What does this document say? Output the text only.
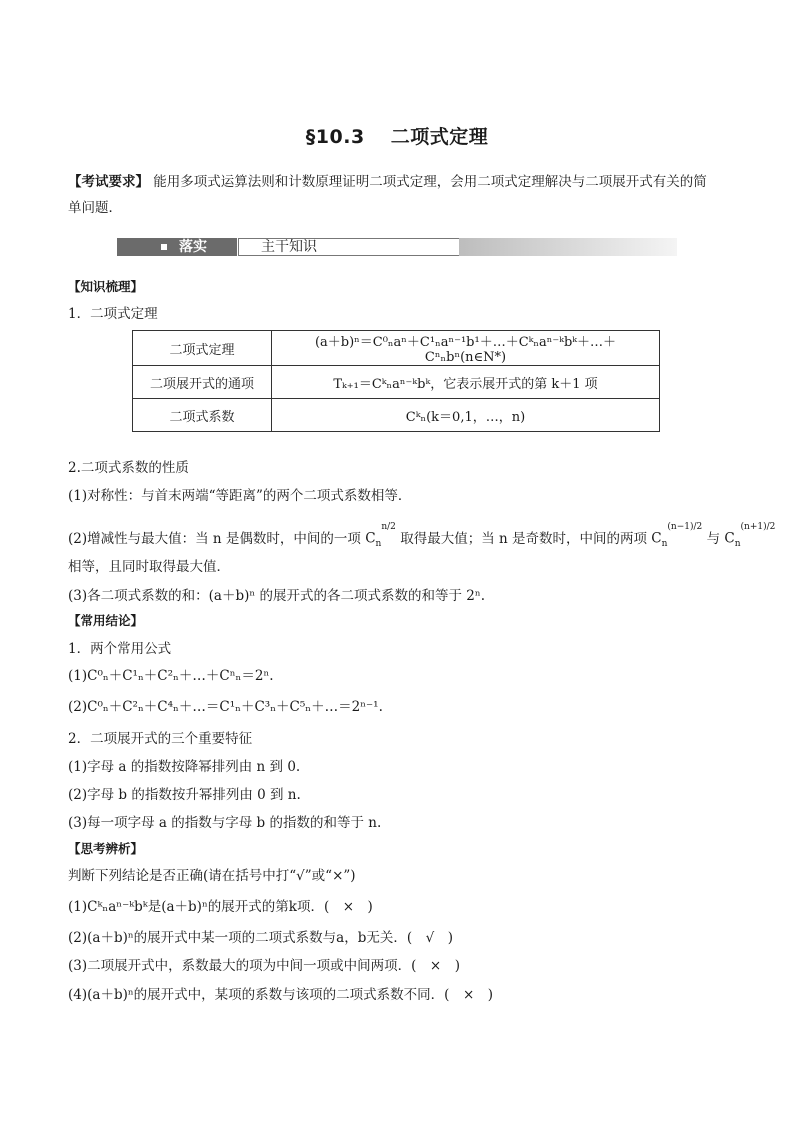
§10.3 二项式定理
【考试要求】 能用多项式运算法则和计数原理证明二项式定理，会用二项式定理解决与二项展开式有关的简
单问题．
落实	主干知识
【知识梳理】
1．二项式定理
二项式定理	(a＋b)ⁿ＝C⁰ₙaⁿ＋C¹ₙaⁿ⁻¹b¹＋…＋Cᵏₙaⁿ⁻ᵏbᵏ＋…＋Cⁿₙbⁿ(n∈N*)
二项展开式的通项	Tₖ₊₁＝Cᵏₙaⁿ⁻ᵏbᵏ，它表示展开式的第 k＋1 项
二项式系数	Cᵏₙ(k＝0,1，…，n)
2.二项式系数的性质
(1)对称性：与首末两端“等距离”的两个二项式系数相等．
(2)增减性与最大值：当 n 是偶数时，中间的一项 $C_n^{n/2}$ 取得最大值；当 n 是奇数时，中间的两项 $C_n^{(n-1)/2}$ 与 $C_n^{(n+1)/2}$
相等，且同时取得最大值．
(3)各二项式系数的和：(a＋b)ⁿ 的展开式的各二项式系数的和等于 2ⁿ.
【常用结论】
1．两个常用公式
(1)C⁰ₙ＋C¹ₙ＋C²ₙ＋…＋Cⁿₙ＝2ⁿ.
(2)C⁰ₙ＋C²ₙ＋C⁴ₙ＋…＝C¹ₙ＋C³ₙ＋C⁵ₙ＋…＝2ⁿ⁻¹.
2．二项展开式的三个重要特征
(1)字母 a 的指数按降幂排列由 n 到 0.
(2)字母 b 的指数按升幂排列由 0 到 n.
(3)每一项字母 a 的指数与字母 b 的指数的和等于 n.
【思考辨析】
判断下列结论是否正确(请在括号中打“√”或“×”)
(1)Cᵏₙaⁿ⁻ᵏbᵏ是(a＋b)ⁿ的展开式的第k项．(　×　)
(2)(a＋b)ⁿ的展开式中某一项的二项式系数与a，b无关．(　√　)
(3)二项展开式中，系数最大的项为中间一项或中间两项．(　×　)
(4)(a＋b)ⁿ的展开式中，某项的系数与该项的二项式系数不同．(　×　)
